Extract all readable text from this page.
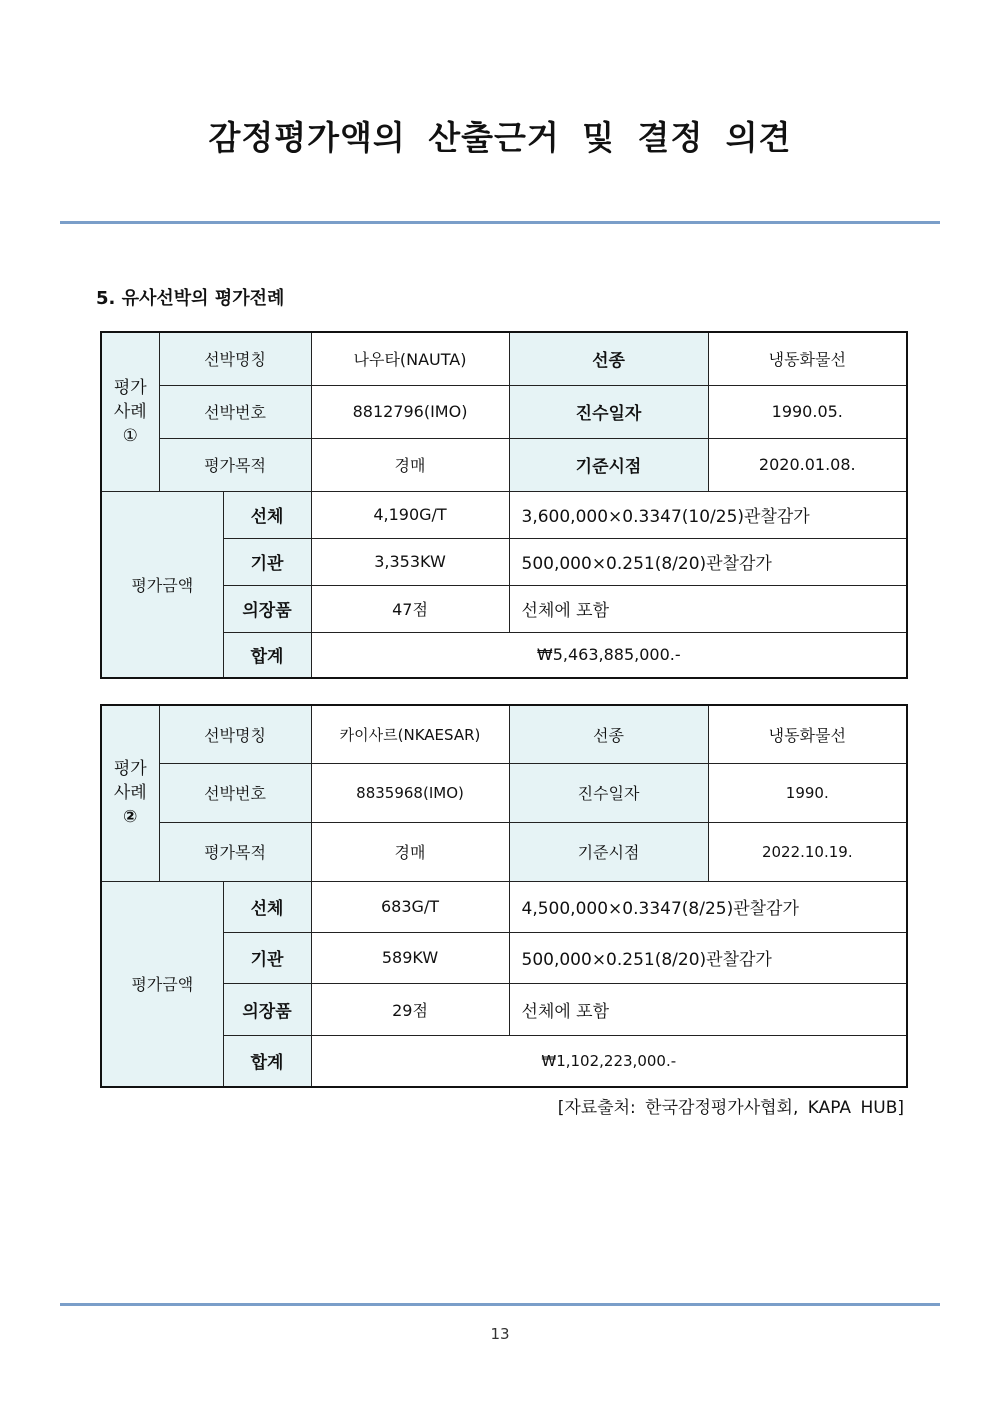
감정평가액의 산출근거 및 결정 의견
5. 유사선박의 평가전례
평가
사례
①	선박명칭		나우타(NAUTA)	선종	냉동화물선
	선박번호		8812796(IMO)	진수일자	1990.05.
	평가목적		경매	기준시점	2020.01.08.
평가금액		선체	4,190G/T	3,600,000×0.3347(10/25)관찰감가	
		기관	3,353KW	500,000×0.251(8/20)관찰감가	
		의장품	47점	선체에 포함	
		합계	₩5,463,885,000.-		
평가
사례
②	선박명칭		카이사르(NKAESAR)	선종	냉동화물선
	선박번호		8835968(IMO)	진수일자	1990.
	평가목적		경매	기준시점	2022.10.19.
평가금액		선체	683G/T	4,500,000×0.3347(8/25)관찰감가	
		기관	589KW	500,000×0.251(8/20)관찰감가	
		의장품	29점	선체에 포함	
		합계	₩1,102,223,000.-		
[자료출처: 한국감정평가사협회, KAPA HUB]
13
